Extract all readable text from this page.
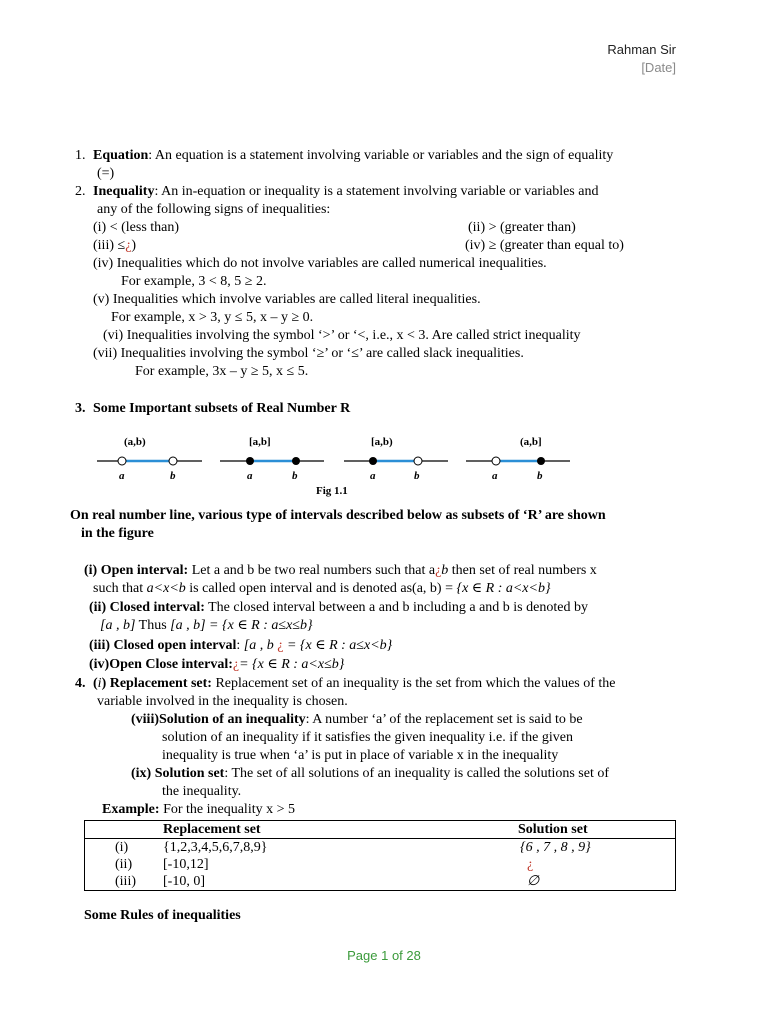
Rahman Sir
[Date]
1. Equation: An equation is a statement involving variable or variables and the sign of equality
(=)
2. Inequality: An in-equation or inequality is a statement involving variable or variables and
any of the following signs of inequalities:
(i) < (less than)	(ii) > (greater than)
(iii) ≤¿)	(iv) ≥ (greater than equal to)
(iv) Inequalities which do not involve variables are called numerical inequalities.
For example, 3 < 8, 5 ≥ 2.
(v) Inequalities which involve variables are called literal inequalities.
For example, x > 3, y ≤ 5, x – y ≥ 0.
(vi) Inequalities involving the symbol ‘>’ or ‘<, i.e., x < 3. Are called strict inequality
(vii) Inequalities involving the symbol ‘≥’ or ‘≤’ are called slack inequalities.
For example, 3x – y ≥ 5, x ≤ 5.
3. Some Important subsets of Real Number R
(a,b)
a	b
[a,b]
a	b
[a,b)
a	b
(a,b]
a	b
Fig 1.1
On real number line, various type of intervals described below as subsets of ‘R’ are shown
in the figure
(i) Open interval: Let a and b be two real numbers such that a¿b then set of real numbers x
such that a<x<b is called open interval and is denoted as(a, b) = {x ∈ R : a<x<b}
(ii) Closed interval: The closed interval between a and b including a and b is denoted by
[a , b] Thus [a , b] = {x ∈ R : a≤x≤b}
(iii) Closed open interval: [a , b ¿ = {x ∈ R : a≤x<b}
(iv)Open Close interval:¿= {x ∈ R : a<x≤b}
4. (i) Replacement set: Replacement set of an inequality is the set from which the values of the
variable involved in the inequality is chosen.
(viii)Solution of an inequality: A number ‘a’ of the replacement set is said to be
solution of an inequality if it satisfies the given inequality i.e. if the given
inequality is true when ‘a’ is put in place of variable x in the inequality
(ix) Solution set: The set of all solutions of an inequality is called the solutions set of
the inequality.
Example: For the inequality x > 5
	Replacement set	Solution set
(i)	{1,2,3,4,5,6,7,8,9}	{6 , 7 , 8 , 9}
(ii)	[-10,12]	¿
(iii)	[-10, 0]	∅
Some Rules of inequalities
Page 1 of 28
